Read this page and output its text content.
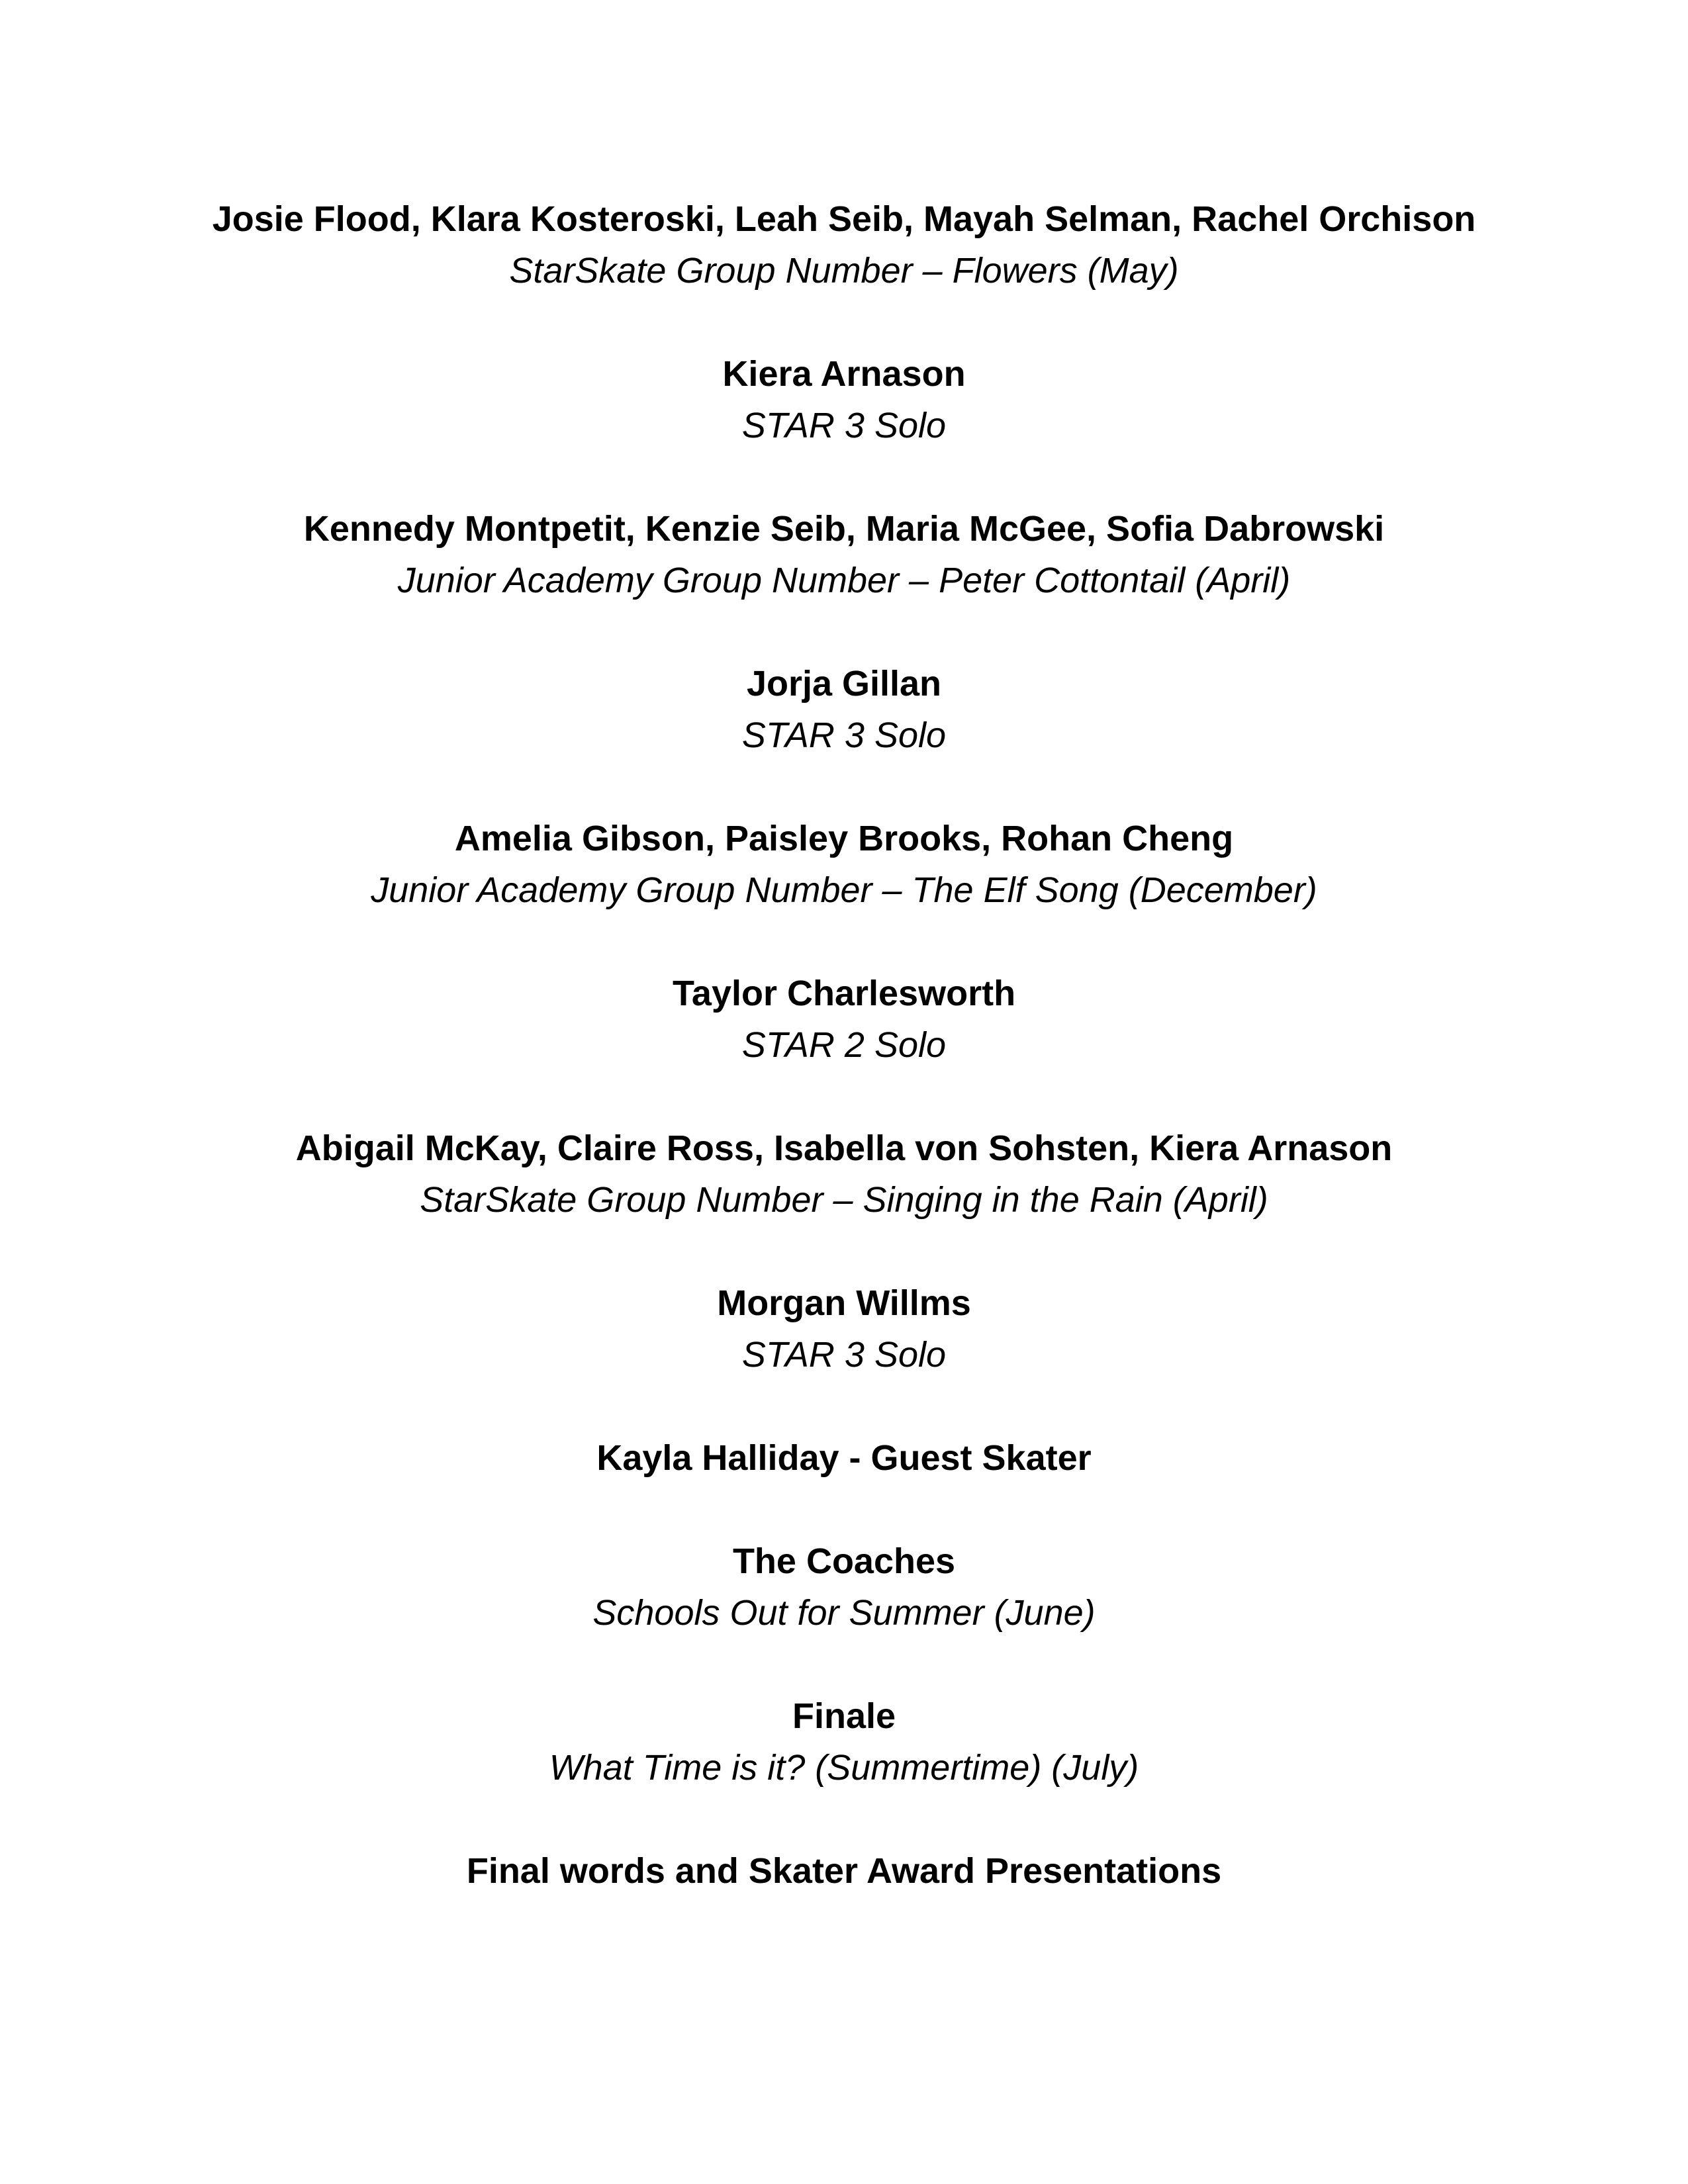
Josie Flood, Klara Kosteroski, Leah Seib, Mayah Selman, Rachel Orchison
StarSkate Group Number – Flowers (May)
Kiera Arnason
STAR 3 Solo
Kennedy Montpetit, Kenzie Seib, Maria McGee, Sofia Dabrowski
Junior Academy Group Number – Peter Cottontail (April)
Jorja Gillan
STAR 3 Solo
Amelia Gibson, Paisley Brooks, Rohan Cheng
Junior Academy Group Number – The Elf Song (December)
Taylor Charlesworth
STAR 2 Solo
Abigail McKay, Claire Ross, Isabella von Sohsten, Kiera Arnason
StarSkate Group Number – Singing in the Rain (April)
Morgan Willms
STAR 3 Solo
Kayla Halliday - Guest Skater
The Coaches
Schools Out for Summer (June)
Finale
What Time is it? (Summertime) (July)
Final words and Skater Award Presentations
